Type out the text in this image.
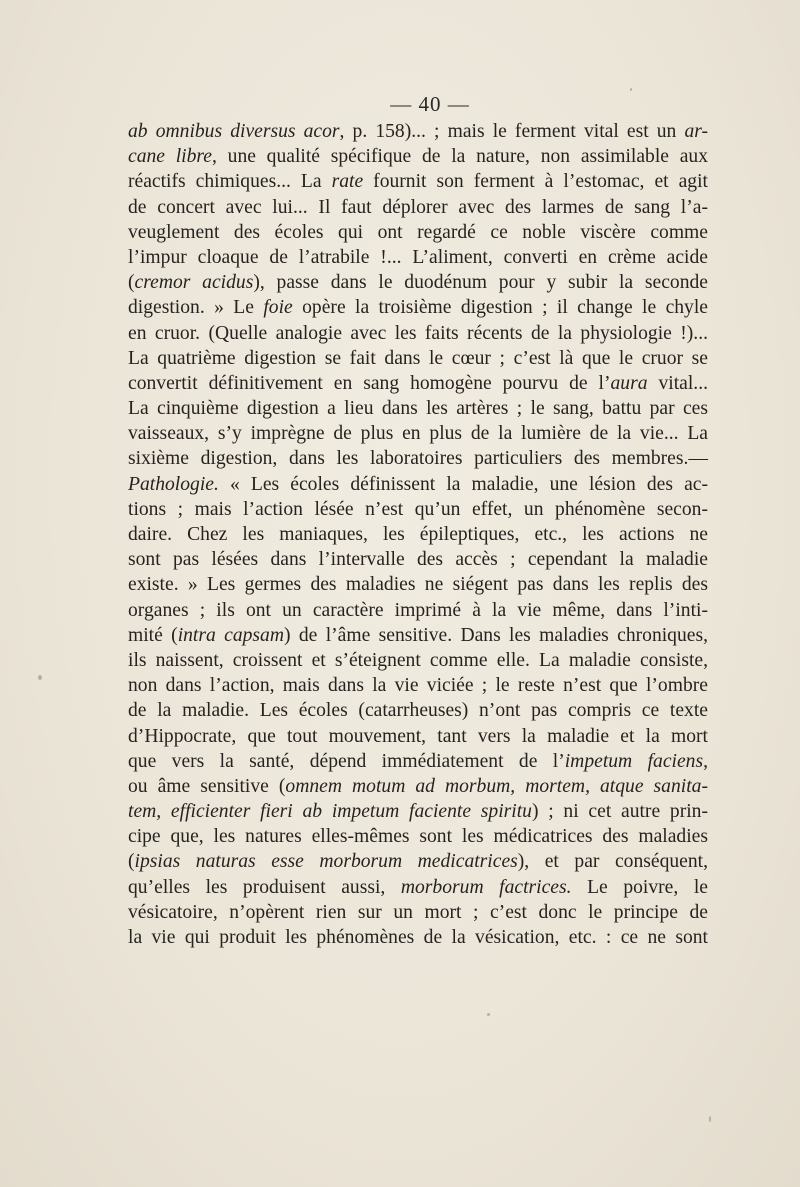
— 40 —
ab omnibus diversus acor, p. 158)... ; mais le ferment vital est un ar-
cane libre, une qualité spécifique de la nature, non assimilable aux
réactifs chimiques... La rate fournit son ferment à l’estomac, et agit
de concert avec lui... Il faut déplorer avec des larmes de sang l’a-
veuglement des écoles qui ont regardé ce noble viscère comme
l’impur cloaque de l’atrabile !... L’aliment, converti en crème acide
(cremor acidus), passe dans le duodénum pour y subir la seconde
digestion. » Le foie opère la troisième digestion ; il change le chyle
en cruor. (Quelle analogie avec les faits récents de la physiologie !)...
La quatrième digestion se fait dans le cœur ; c’est là que le cruor se
convertit définitivement en sang homogène pourvu de l’aura vital...
La cinquième digestion a lieu dans les artères ; le sang, battu par ces
vaisseaux, s’y imprègne de plus en plus de la lumière de la vie... La
sixième digestion, dans les laboratoires particuliers des membres.—
Pathologie. « Les écoles définissent la maladie, une lésion des ac-
tions ; mais l’action lésée n’est qu’un effet, un phénomène secon-
daire. Chez les maniaques, les épileptiques, etc., les actions ne
sont pas lésées dans l’intervalle des accès ; cependant la maladie
existe. » Les germes des maladies ne siégent pas dans les replis des
organes ; ils ont un caractère imprimé à la vie même, dans l’inti-
mité (intra capsam) de l’âme sensitive. Dans les maladies chroniques,
ils naissent, croissent et s’éteignent comme elle. La maladie consiste,
non dans l’action, mais dans la vie viciée ; le reste n’est que l’ombre
de la maladie. Les écoles (catarrheuses) n’ont pas compris ce texte
d’Hippocrate, que tout mouvement, tant vers la maladie et la mort
que vers la santé, dépend immédiatement de l’impetum faciens,
ou âme sensitive (omnem motum ad morbum, mortem, atque sanita-
tem, efficienter fieri ab impetum faciente spiritu) ; ni cet autre prin-
cipe que, les natures elles-mêmes sont les médicatrices des maladies
(ipsias naturas esse morborum medicatrices), et par conséquent,
qu’elles les produisent aussi, morborum factrices. Le poivre, le
vésicatoire, n’opèrent rien sur un mort ; c’est donc le principe de
la vie qui produit les phénomènes de la vésication, etc. : ce ne sont
